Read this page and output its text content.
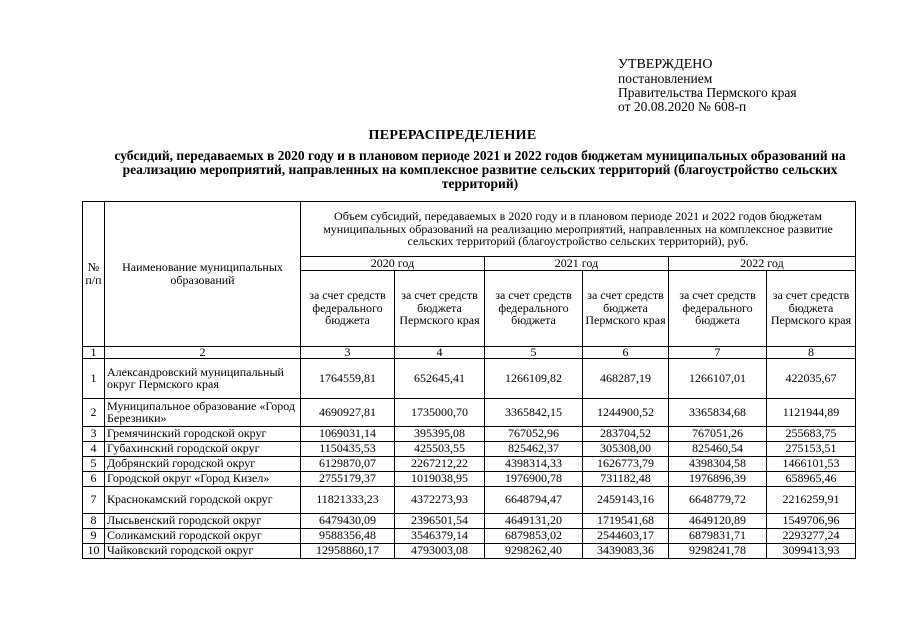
УТВЕРЖДЕНО
постановлением
Правительства Пермского края
от 20.08.2020 № 608-п
ПЕРЕРАСПРЕДЕЛЕНИЕ
субсидий, передаваемых в 2020 году и в плановом периоде 2021 и 2022 годов бюджетам муниципальных образований на реализацию мероприятий, направленных на комплексное развитие сельских территорий (благоустройство сельских территорий)
№ п/п	Наименование муниципальных образований	Объем субсидий, передаваемых в 2020 году и в плановом периоде 2021 и 2022 годов бюджетам муниципальных образований на реализацию мероприятий, направленных на комплексное развитие сельских территорий (благоустройство сельских территорий), руб.					
		2020 год		2021 год		2022 год	
		за счет средств федерального бюджета	за счет средств бюджета Пермского края	за счет средств федерального бюджета	за счет средств бюджета Пермского края	за счет средств федерального бюджета	за счет средств бюджета Пермского края
1	2	3	4	5	6	7	8
1	Александровский муниципальный округ Пермского края	1764559,81	652645,41	1266109,82	468287,19	1266107,01	422035,67
2	Муниципальное образование «Город Березники»	4690927,81	1735000,70	3365842,15	1244900,52	3365834,68	1121944,89
3	Гремячинский городской округ	1069031,14	395395,08	767052,96	283704,52	767051,26	255683,75
4	Губахинский городской округ	1150435,53	425503,55	825462,37	305308,00	825460,54	275153,51
5	Добрянский городской округ	6129870,07	2267212,22	4398314,33	1626773,79	4398304,58	1466101,53
6	Городской округ «Город Кизел»	2755179,37	1019038,95	1976900,78	731182,48	1976896,39	658965,46
7	Краснокамский городской округ	11821333,23	4372273,93	6648794,47	2459143,16	6648779,72	2216259,91
8	Лысьвенский городской округ	6479430,09	2396501,54	4649131,20	1719541,68	4649120,89	1549706,96
9	Соликамский городской округ	9588356,48	3546379,14	6879853,02	2544603,17	6879831,71	2293277,24
10	Чайковский городской округ	12958860,17	4793003,08	9298262,40	3439083,36	9298241,78	3099413,93
